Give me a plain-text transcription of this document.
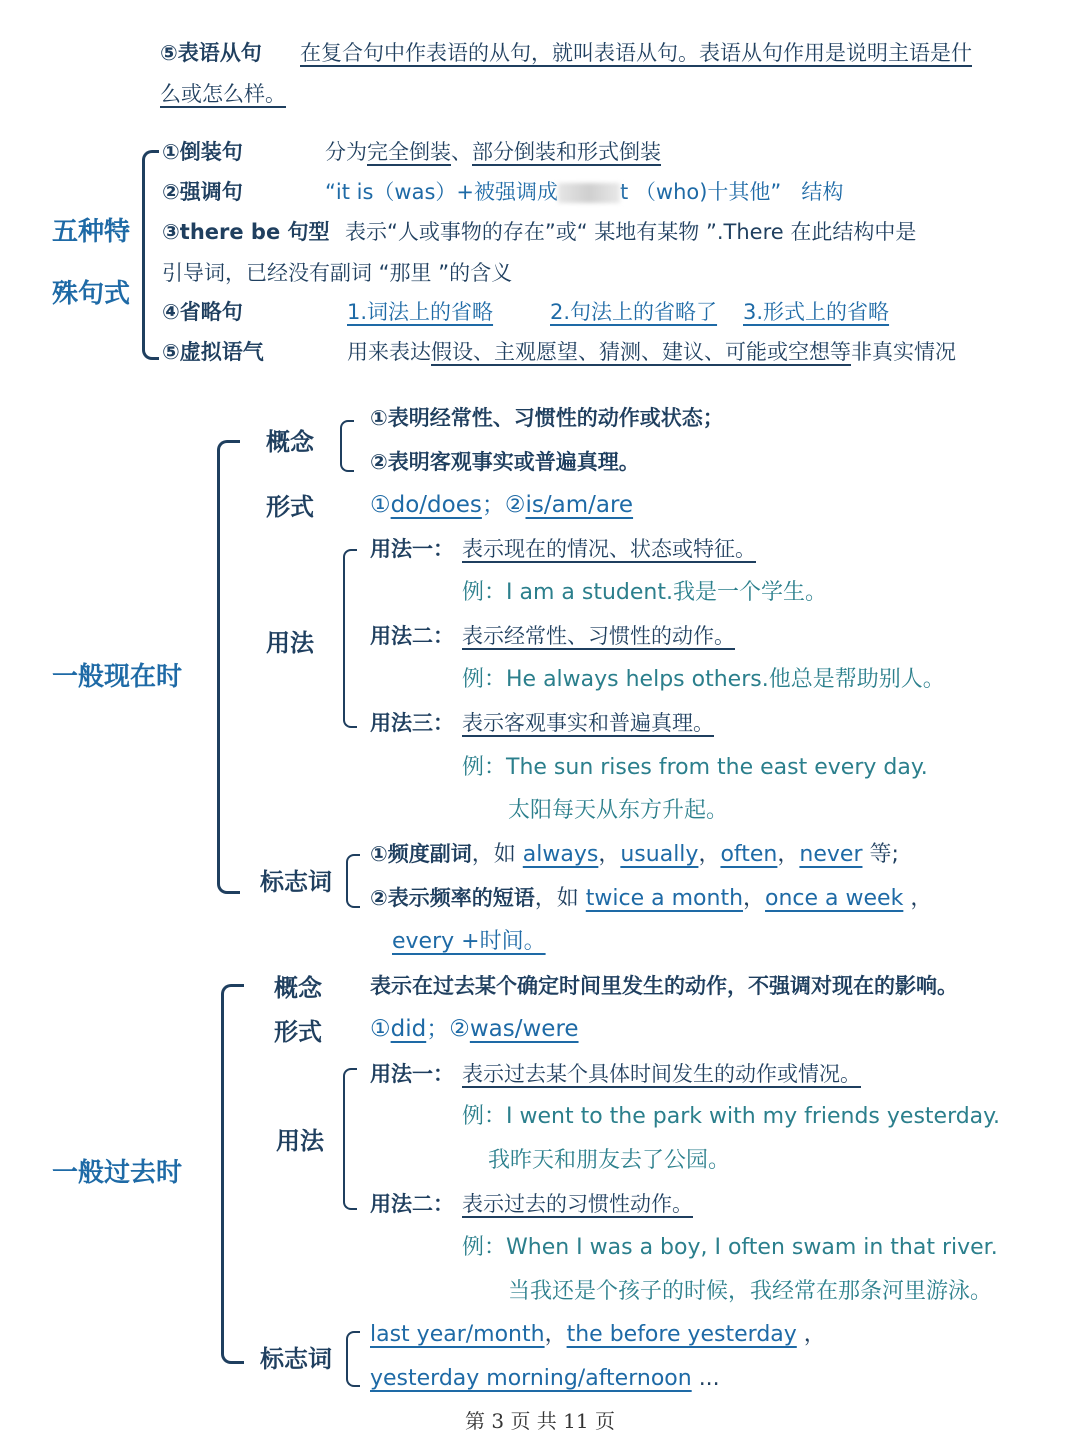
⑤表语从句 在复合句中作表语的从句，就叫表语从句。表语从句作用是说明主语是什
么或怎么样。
五种特
殊句式
①倒装句	分为完全倒装、部分倒装和形式倒装
②强调句	“it is（was）+被强调成	t （who)十其他” 结构
③there be 句型 表示“人或事物的存在”或“ 某地有某物 ”.There 在此结构中是
引导词，已经没有副词 “那里 ”的含义
④省略句	1.词法上的省略	2.句法上的省略了 3.形式上的省略
⑤虚拟语气	用来表达假设、主观愿望、猜测、建议、可能或空想等非真实情况
一般现在时
概念
①表明经常性、习惯性的动作或状态；
②表明客观事实或普遍真理。
形式 ①do/does；②is/am/are
用法
用法一： 表示现在的情况、状态或特征。
例：I am a student.我是一个学生。
用法二： 表示经常性、习惯性的动作。
例：He always helps others.他总是帮助别人。
用法三： 表示客观事实和普遍真理。
例：The sun rises from the east every day.
太阳每天从东方升起。
标志词
①频度副词，如 always，usually，often，never 等;
②表示频率的短语，如 twice a month，once a week ，
every +时间。
一般过去时
概念 表示在过去某个确定时间里发生的动作，不强调对现在的影响。
形式 ①did；②was/were
用法
用法一： 表示过去某个具体时间发生的动作或情况。
例：I went to the park with my friends yesterday.
我昨天和朋友去了公园。
用法二： 表示过去的习惯性动作。
例：When I was a boy, I often swam in that river.
当我还是个孩子的时候，我经常在那条河里游泳。
标志词
last year/month，the before yesterday ，
yesterday morning/afternoon ...
第 3 页 共 11 页
